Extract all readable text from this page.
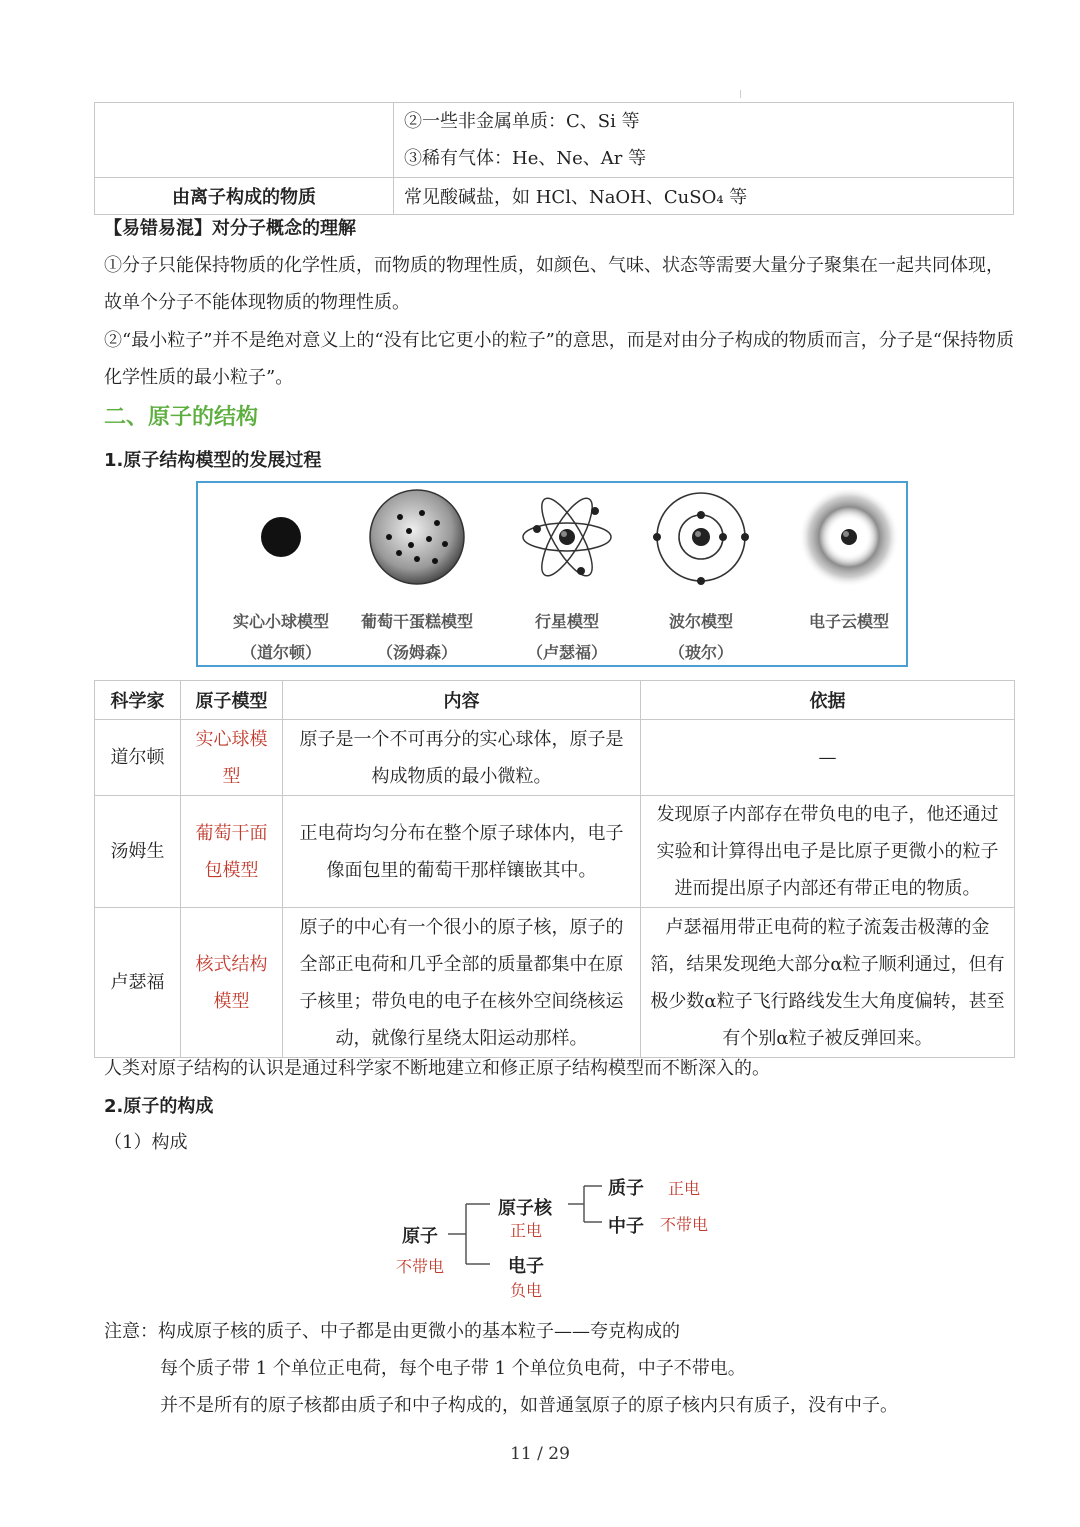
	②一些非金属单质：C、Si 等
③稀有气体：He、Ne、Ar 等

由离子构成的物质	常见酸碱盐，如 HCl、NaOH、CuSO₄ 等
【易错易混】对分子概念的理解
①分子只能保持物质的化学性质，而物质的物理性质，如颜色、气味、状态等需要大量分子聚集在一起共同体现，故单个分子不能体现物质的物理性质。
②“最小粒子”并不是绝对意义上的“没有比它更小的粒子”的意思，而是对由分子构成的物质而言，分子是“保持物质化学性质的最小粒子”。
二、原子的结构
1.原子结构模型的发展过程
实心小球模型
（道尔顿）
葡萄干蛋糕模型
（汤姆森）
行星模型
（卢瑟福）
波尔模型
（玻尔）
电子云模型
科学家	原子模型	内容	依据
道尔顿	实心球模型	原子是一个不可再分的实心球体，原子是构成物质的最小微粒。	—
汤姆生	葡萄干面包模型	正电荷均匀分布在整个原子球体内，电子像面包里的葡萄干那样镶嵌其中。	发现原子内部存在带负电的电子，他还通过实验和计算得出电子是比原子更微小的粒子进而提出原子内部还有带正电的物质。
卢瑟福	核式结构模型	原子的中心有一个很小的原子核，原子的全部正电荷和几乎全部的质量都集中在原子核里；带负电的电子在核外空间绕核运动，就像行星绕太阳运动那样。	卢瑟福用带正电荷的粒子流轰击极薄的金箔，结果发现绝大部分α粒子顺利通过，但有极少数α粒子飞行路线发生大角度偏转，甚至有个别α粒子被反弹回来。
人类对原子结构的认识是通过科学家不断地建立和修正原子结构模型而不断深入的。
2.原子的构成
（1）构成
原子
不带电
原子核
正电
电子
负电
质子 正电
中子 不带电
注意：构成原子核的质子、中子都是由更微小的基本粒子——夸克构成的
每个质子带 1 个单位正电荷，每个电子带 1 个单位负电荷，中子不带电。
并不是所有的原子核都由质子和中子构成的，如普通氢原子的原子核内只有质子，没有中子。
11 / 29
